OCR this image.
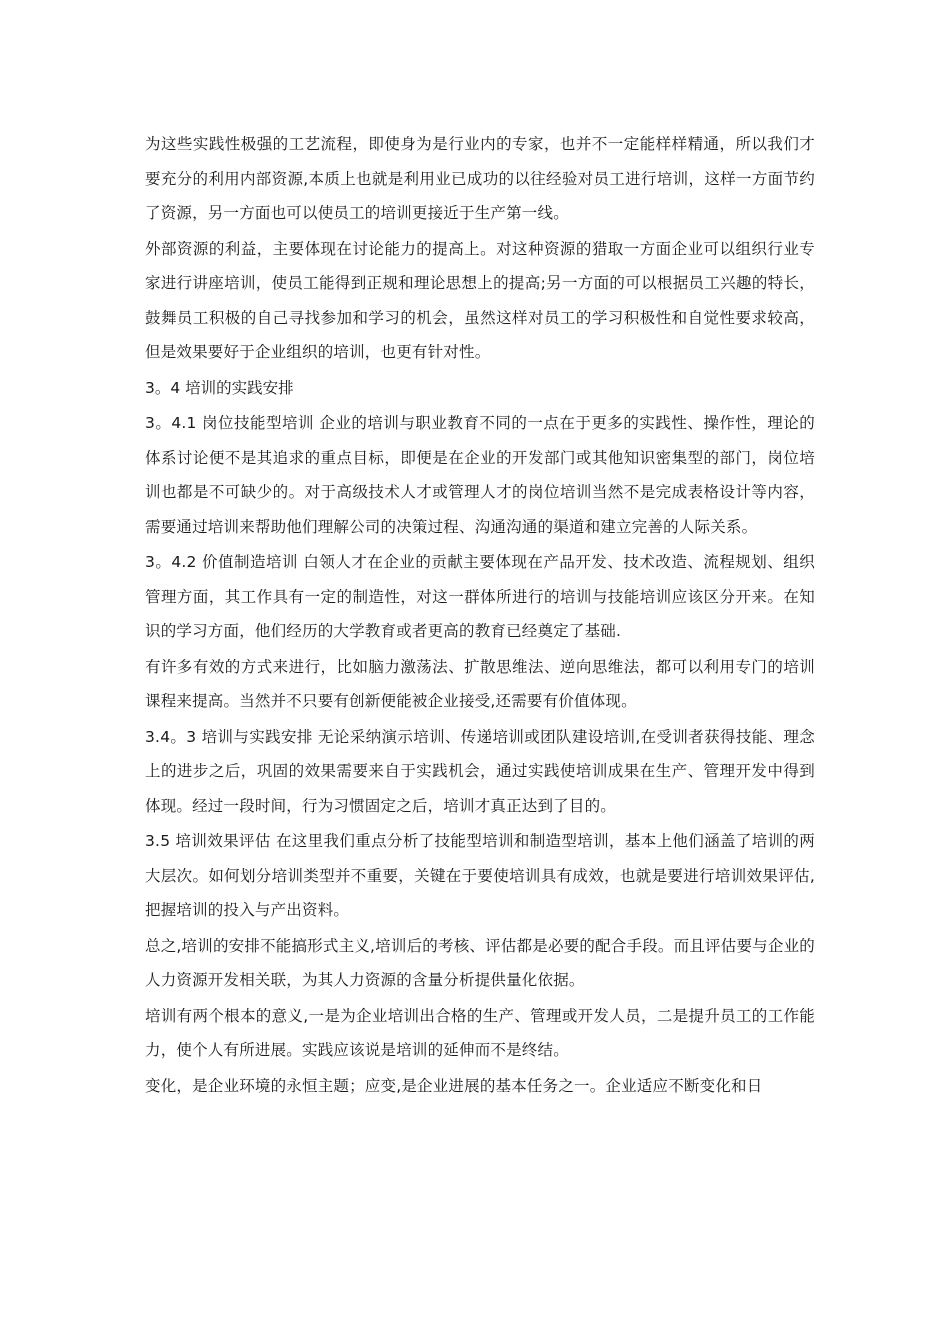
为这些实践性极强的工艺流程，即使身为是行业内的专家，也并不一定能样样精通，所以我们才要充分的利用内部资源,本质上也就是利用业已成功的以往经验对员工进行培训，这样一方面节约了资源，另一方面也可以使员工的培训更接近于生产第一线。

外部资源的利益，主要体现在讨论能力的提高上。对这种资源的猎取一方面企业可以组织行业专家进行讲座培训，使员工能得到正规和理论思想上的提高;另一方面的可以根据员工兴趣的特长，鼓舞员工积极的自己寻找参加和学习的机会，虽然这样对员工的学习积极性和自觉性要求较高，但是效果要好于企业组织的培训，也更有针对性。

3。4 培训的实践安排

3。4.1 岗位技能型培训 企业的培训与职业教育不同的一点在于更多的实践性、操作性，理论的体系讨论便不是其追求的重点目标，即便是在企业的开发部门或其他知识密集型的部门，岗位培训也都是不可缺少的。对于高级技术人才或管理人才的岗位培训当然不是完成表格设计等内容，需要通过培训来帮助他们理解公司的决策过程、沟通沟通的渠道和建立完善的人际关系。

3。4.2 价值制造培训 白领人才在企业的贡献主要体现在产品开发、技术改造、流程规划、组织管理方面，其工作具有一定的制造性，对这一群体所进行的培训与技能培训应该区分开来。在知识的学习方面，他们经历的大学教育或者更高的教育已经奠定了基础.

有许多有效的方式来进行，比如脑力激荡法、扩散思维法、逆向思维法，都可以利用专门的培训课程来提高。当然并不只要有创新便能被企业接受,还需要有价值体现。

3.4。3 培训与实践安排 无论采纳演示培训、传递培训或团队建设培训,在受训者获得技能、理念上的进步之后，巩固的效果需要来自于实践机会，通过实践使培训成果在生产、管理开发中得到体现。经过一段时间，行为习惯固定之后，培训才真正达到了目的。

3.5 培训效果评估 在这里我们重点分析了技能型培训和制造型培训，基本上他们涵盖了培训的两大层次。如何划分培训类型并不重要，关键在于要使培训具有成效，也就是要进行培训效果评估,把握培训的投入与产出资料。

总之,培训的安排不能搞形式主义,培训后的考核、评估都是必要的配合手段。而且评估要与企业的人力资源开发相关联，为其人力资源的含量分析提供量化依据。

培训有两个根本的意义,一是为企业培训出合格的生产、管理或开发人员，二是提升员工的工作能力，使个人有所进展。实践应该说是培训的延伸而不是终结。

变化，是企业环境的永恒主题；应变,是企业进展的基本任务之一。企业适应不断变化和日
